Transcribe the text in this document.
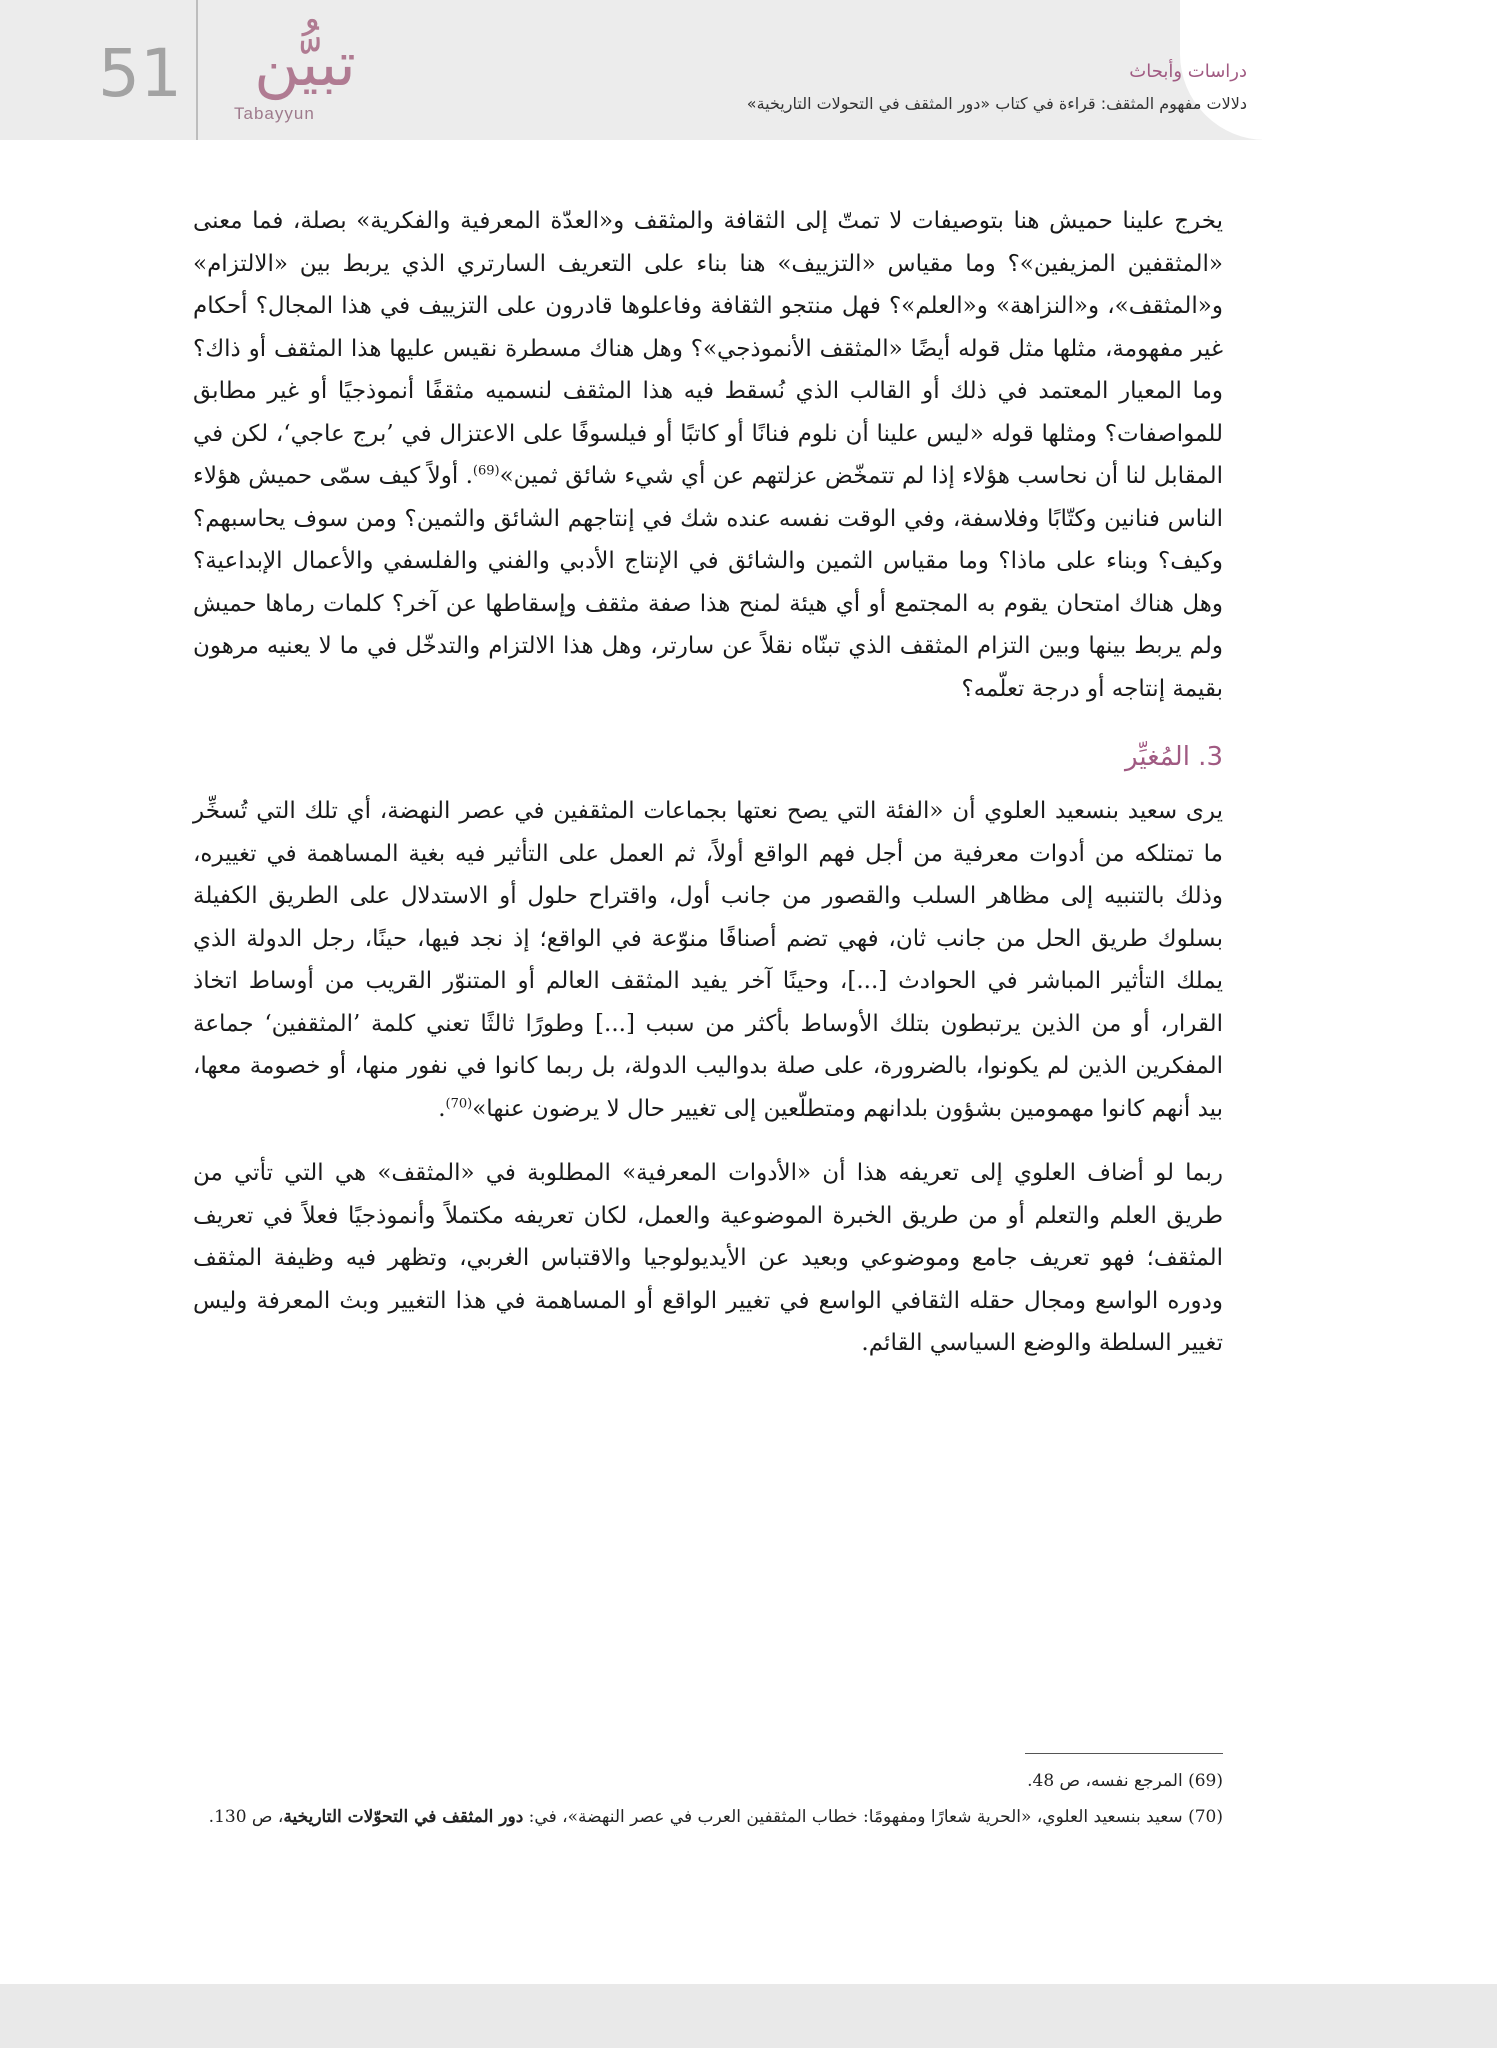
51	تبيُّن
Tabayyun
دراسات وأبحاث
دلالات مفهوم المثقف: قراءة في كتاب «دور المثقف في التحولات التاريخية»

يخرج علينا حميش هنا بتوصيفات لا تمتّ إلى الثقافة والمثقف و«العدّة المعرفية والفكرية» بصلة، فما معنى «المثقفين المزيفين»؟ وما مقياس «التزييف» هنا بناء على التعريف السارتري الذي يربط بين «الالتزام» و«المثقف»، و«النزاهة» و«العلم»؟ فهل منتجو الثقافة وفاعلوها قادرون على التزييف في هذا المجال؟ أحكام غير مفهومة، مثلها مثل قوله أيضًا «المثقف الأنموذجي»؟ وهل هناك مسطرة نقيس عليها هذا المثقف أو ذاك؟ وما المعيار المعتمد في ذلك أو القالب الذي نُسقط فيه هذا المثقف لنسميه مثقفًا أنموذجيًا أو غير مطابق للمواصفات؟ ومثلها قوله «ليس علينا أن نلوم فنانًا أو كاتبًا أو فيلسوفًا على الاعتزال في ’برج عاجي‘، لكن في المقابل لنا أن نحاسب هؤلاء إذا لم تتمخّض عزلتهم عن أي شيء شائق ثمين»$^{(69)}$. أولاً كيف سمّى حميش هؤلاء الناس فنانين وكتّابًا وفلاسفة، وفي الوقت نفسه عنده شك في إنتاجهم الشائق والثمين؟ ومن سوف يحاسبهم؟ وكيف؟ وبناء على ماذا؟ وما مقياس الثمين والشائق في الإنتاج الأدبي والفني والفلسفي والأعمال الإبداعية؟ وهل هناك امتحان يقوم به المجتمع أو أي هيئة لمنح هذا صفة مثقف وإسقاطها عن آخر؟ كلمات رماها حميش ولم يربط بينها وبين التزام المثقف الذي تبنّاه نقلاً عن سارتر، وهل هذا الالتزام والتدخّل في ما لا يعنيه مرهون بقيمة إنتاجه أو درجة تعلّمه؟

3. المُغيِّر

يرى سعيد بنسعيد العلوي أن «الفئة التي يصح نعتها بجماعات المثقفين في عصر النهضة، أي تلك التي تُسخِّر ما تمتلكه من أدوات معرفية من أجل فهم الواقع أولاً، ثم العمل على التأثير فيه بغية المساهمة في تغييره، وذلك بالتنبيه إلى مظاهر السلب والقصور من جانب أول، واقتراح حلول أو الاستدلال على الطريق الكفيلة بسلوك طريق الحل من جانب ثان، فهي تضم أصنافًا منوّعة في الواقع؛ إذ نجد فيها، حينًا، رجل الدولة الذي يملك التأثير المباشر في الحوادث [...]، وحينًا آخر يفيد المثقف العالم أو المتنوّر القريب من أوساط اتخاذ القرار، أو من الذين يرتبطون بتلك الأوساط بأكثر من سبب [...] وطورًا ثالثًا تعني كلمة ’المثقفين‘ جماعة المفكرين الذين لم يكونوا، بالضرورة، على صلة بدواليب الدولة، بل ربما كانوا في نفور منها، أو خصومة معها، بيد أنهم كانوا مهمومين بشؤون بلدانهم ومتطلّعين إلى تغيير حال لا يرضون عنها»$^{(70)}$.

ربما لو أضاف العلوي إلى تعريفه هذا أن «الأدوات المعرفية» المطلوبة في «المثقف» هي التي تأتي من طريق العلم والتعلم أو من طريق الخبرة الموضوعية والعمل، لكان تعريفه مكتملاً وأنموذجيًا فعلاً في تعريف المثقف؛ فهو تعريف جامع وموضوعي وبعيد عن الأيديولوجيا والاقتباس الغربي، وتظهر فيه وظيفة المثقف ودوره الواسع ومجال حقله الثقافي الواسع في تغيير الواقع أو المساهمة في هذا التغيير وبث المعرفة وليس تغيير السلطة والوضع السياسي القائم.

(69) المرجع نفسه، ص 48.

(70) سعيد بنسعيد العلوي، «الحرية شعارًا ومفهومًا: خطاب المثقفين العرب في عصر النهضة»، في: دور المثقف في التحوّلات التاريخية، ص 130.
